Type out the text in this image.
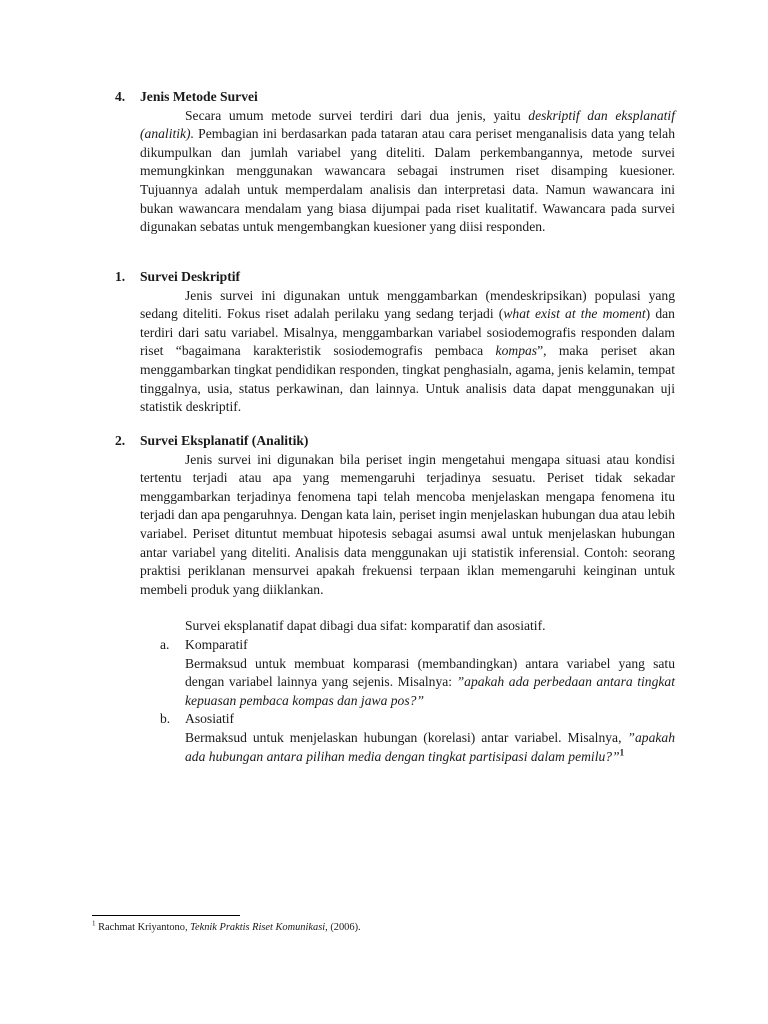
4.	Jenis Metode Survei

Secara umum metode survei terdiri dari dua jenis, yaitu deskriptif dan eksplanatif (analitik). Pembagian ini berdasarkan pada tataran atau cara periset menganalisis data yang telah dikumpulkan dan jumlah variabel yang diteliti. Dalam perkembangannya, metode survei memungkinkan menggunakan wawancara sebagai instrumen riset disamping kuesioner. Tujuannya adalah untuk memperdalam analisis dan interpretasi data. Namun wawancara ini bukan wawancara mendalam yang biasa dijumpai pada riset kualitatif. Wawancara pada survei digunakan sebatas untuk mengembangkan kuesioner yang diisi responden.

1.	Survei Deskriptif

Jenis survei ini digunakan untuk menggambarkan (mendeskripsikan) populasi yang sedang diteliti. Fokus riset adalah perilaku yang sedang terjadi (what exist at the moment) dan terdiri dari satu variabel. Misalnya, menggambarkan variabel sosiodemografis responden dalam riset “bagaimana karakteristik sosiodemografis pembaca kompas”, maka periset akan menggambarkan tingkat pendidikan responden, tingkat penghasialn, agama, jenis kelamin, tempat tinggalnya, usia, status perkawinan, dan lainnya. Untuk analisis data dapat menggunakan uji statistik deskriptif.

2.	Survei Eksplanatif (Analitik)

Jenis survei ini digunakan bila periset ingin mengetahui mengapa situasi atau kondisi tertentu terjadi atau apa yang memengaruhi terjadinya sesuatu. Periset tidak sekadar menggambarkan terjadinya fenomena tapi telah mencoba menjelaskan mengapa fenomena itu terjadi dan apa pengaruhnya. Dengan kata lain, periset ingin menjelaskan hubungan dua atau lebih variabel. Periset dituntut membuat hipotesis sebagai asumsi awal untuk menjelaskan hubungan antar variabel yang diteliti. Analisis data menggunakan uji statistik inferensial. Contoh: seorang praktisi periklanan mensurvei apakah frekuensi terpaan iklan memengaruhi keinginan untuk membeli produk yang diiklankan.

Survei eksplanatif dapat dibagi dua sifat: komparatif dan asosiatif.

a.	Komparatif

Bermaksud untuk membuat komparasi (membandingkan) antara variabel yang satu dengan variabel lainnya yang sejenis. Misalnya: ”apakah ada perbedaan antara tingkat kepuasan pembaca kompas dan jawa pos?”

b.	Asosiatif

Bermaksud untuk menjelaskan hubungan (korelasi) antar variabel. Misalnya, ”apakah ada hubungan antara pilihan media dengan tingkat partisipasi dalam pemilu?”$^1$

$^1$ Rachmat Kriyantono, Teknik Praktis Riset Komunikasi, (2006).
